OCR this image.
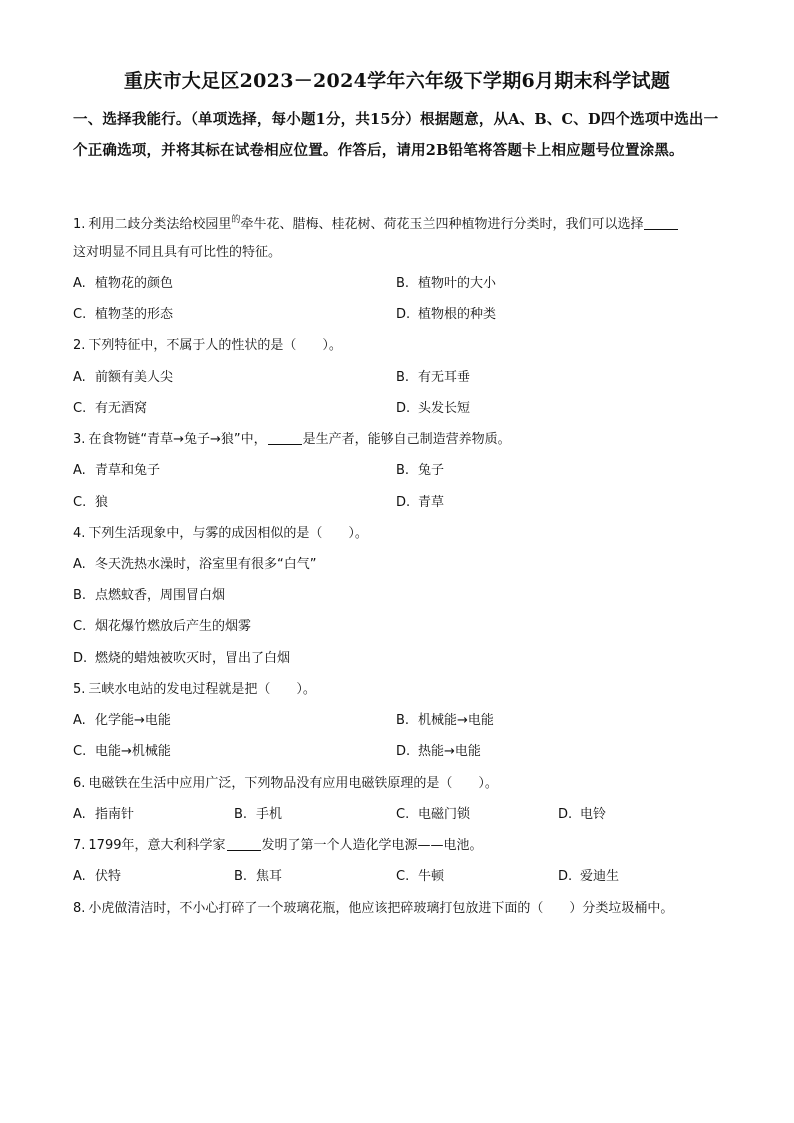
重庆市大足区2023－2024学年六年级下学期6月期末科学试题
一、选择我能行。（单项选择，每小题1分，共15分）根据题意，从A、B、C、D四个选项中选出一个正确选项，并将其标在试卷相应位置。作答后，请用2B铅笔将答题卡上相应题号位置涂黑。
1. 利用二歧分类法给校园里$^的$牵牛花、腊梅、桂花树、荷花玉兰四种植物进行分类时，我们可以选择
这对明显不同且具有可比性的特征。
A. 植物花的颜色	B. 植物叶的大小
C. 植物茎的形态	D. 植物根的种类
2. 下列特征中，不属于人的性状的是（　　）。
A. 前额有美人尖	B. 有无耳垂
C. 有无酒窝	D. 头发长短
3. 在食物链“青草→兔子→狼”中，	是生产者，能够自己制造营养物质。
A. 青草和兔子	B. 兔子
C. 狼	D. 青草
4. 下列生活现象中，与雾的成因相似的是（　　）。
A. 冬天洗热水澡时，浴室里有很多“白气”
B. 点燃蚊香，周围冒白烟
C. 烟花爆竹燃放后产生的烟雾
D. 燃烧的蜡烛被吹灭时，冒出了白烟
5. 三峡水电站的发电过程就是把（　　）。
A. 化学能→电能	B. 机械能→电能
C. 电能→机械能	D. 热能→电能
6. 电磁铁在生活中应用广泛，下列物品没有应用电磁铁原理的是（　　）。
A. 指南针	B. 手机	C. 电磁门锁	D. 电铃
7. 1799年，意大利科学家	发明了第一个人造化学电源——电池。
A. 伏特	B. 焦耳	C. 牛顿	D. 爱迪生
8. 小虎做清洁时，不小心打碎了一个玻璃花瓶，他应该把碎玻璃打包放进下面的（　　）分类垃圾桶中。
